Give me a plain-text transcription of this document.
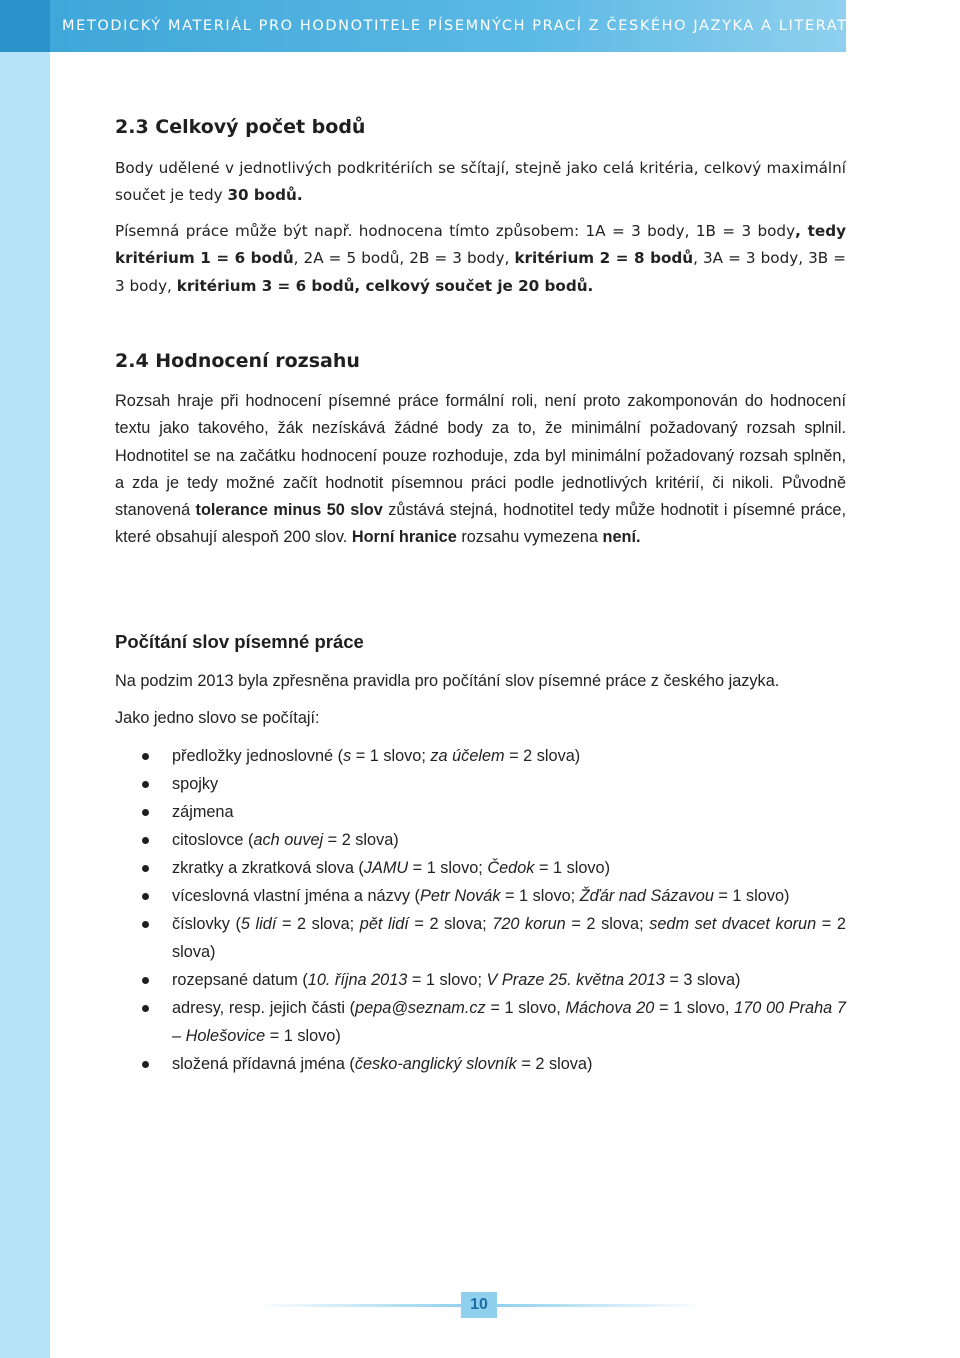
METODICKÝ MATERIÁL PRO HODNOTITELE PÍSEMNÝCH PRACÍ Z ČESKÉHO JAZYKA A LITERATURY
2.3 Celkový počet bodů
Body udělené v jednotlivých podkritériích se sčítají, stejně jako celá kritéria, celkový maximální součet je tedy 30 bodů.
Písemná práce může být např. hodnocena tímto způsobem: 1A = 3 body, 1B = 3 body, tedy kritérium 1 = 6 bodů, 2A = 5 bodů, 2B = 3 body, kritérium 2 = 8 bodů, 3A = 3 body, 3B = 3 body, kritérium 3 = 6 bodů, celkový součet je 20 bodů.
2.4 Hodnocení rozsahu
Rozsah hraje při hodnocení písemné práce formální roli, není proto zakomponován do hodnocení textu jako takového, žák nezískává žádné body za to, že minimální požadovaný rozsah splnil. Hodnotitel se na začátku hodnocení pouze rozhoduje, zda byl minimální požadovaný rozsah splněn, a zda je tedy možné začít hodnotit písemnou práci podle jednotlivých kritérií, či nikoli. Původně stanovená tolerance minus 50 slov zůstává stejná, hodnotitel tedy může hodnotit i písemné práce, které obsahují alespoň 200 slov. Horní hranice rozsahu vymezena není.
Počítání slov písemné práce
Na podzim 2013 byla zpřesněna pravidla pro počítání slov písemné práce z českého jazyka.
Jako jedno slovo se počítají:
předložky jednoslovné (s = 1 slovo; za účelem = 2 slova)
spojky
zájmena
citoslovce (ach ouvej = 2 slova)
zkratky a zkratková slova (JAMU = 1 slovo; Čedok = 1 slovo)
víceslovná vlastní jména a názvy (Petr Novák = 1 slovo; Žďár nad Sázavou = 1 slovo)
číslovky (5 lidí = 2 slova; pět lidí = 2 slova; 720 korun = 2 slova; sedm set dvacet korun = 2 slova)
rozepsané datum (10. října 2013 = 1 slovo; V Praze 25. května 2013 = 3 slova)
adresy, resp. jejich části (pepa@seznam.cz = 1 slovo, Máchova 20 = 1 slovo, 170 00 Praha 7 – Holešovice = 1 slovo)
složená přídavná jména (česko-anglický slovník = 2 slova)
10
